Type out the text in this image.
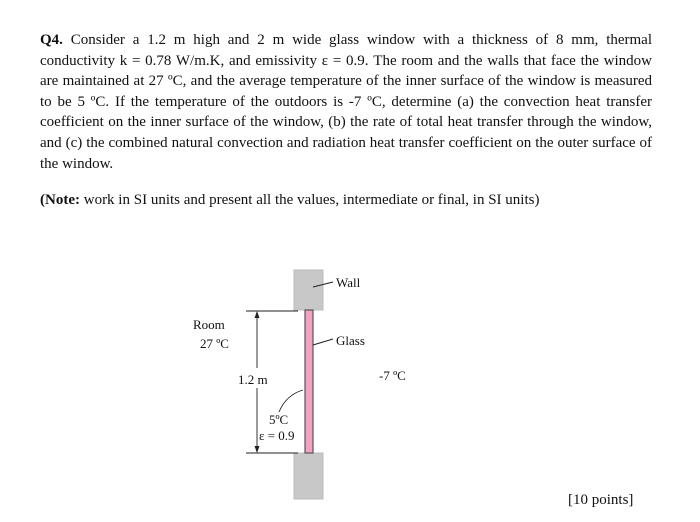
Q4. Consider a 1.2 m high and 2 m wide glass window with a thickness of 8 mm, thermal conductivity k = 0.78 W/m.K, and emissivity ε = 0.9. The room and the walls that face the window are maintained at 27 ºC, and the average temperature of the inner surface of the window is measured to be 5 ºC. If the temperature of the outdoors is -7 ºC, determine (a) the convection heat transfer coefficient on the inner surface of the window, (b) the rate of total heat transfer through the window, and (c) the combined natural convection and radiation heat transfer coefficient on the outer surface of the window.

(Note: work in SI units and present all the values, intermediate or final, in SI units)

Wall
Glass
Room
27 ºC
1.2 m	-7 ºC
5ºC
ε = 0.9
[10 points]
